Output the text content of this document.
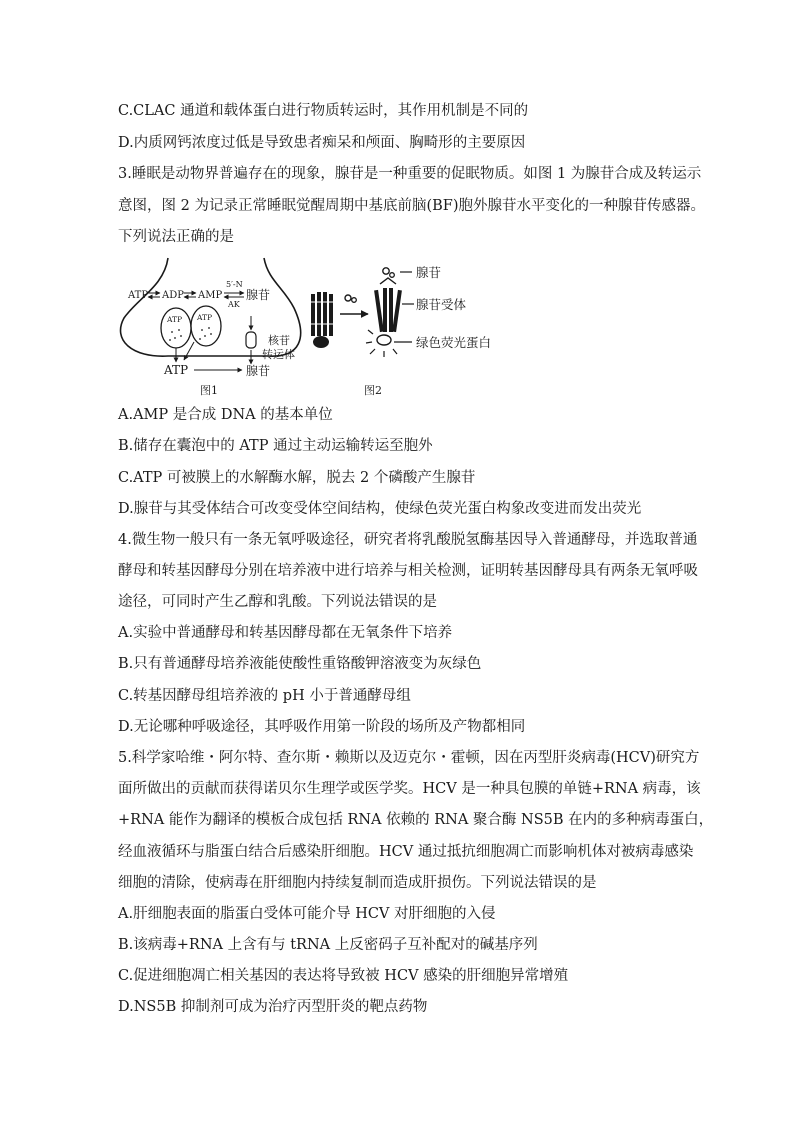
C.CLAC 通道和载体蛋白进行物质转运时，其作用机制是不同的
D.内质网钙浓度过低是导致患者痴呆和颅面、胸畸形的主要原因
3.睡眠是动物界普遍存在的现象，腺苷是一种重要的促眠物质。如图 1 为腺苷合成及转运示
意图，图 2 为记录正常睡眠觉醒周期中基底前脑(BF)胞外腺苷水平变化的一种腺苷传感器。
下列说法正确的是
ATP ADP AMP
5′-N
AK
腺苷
ATP ATP
核苷
转运体
ATP	腺苷
图1
腺苷
腺苷受体
绿色荧光蛋白
图2
A.AMP 是合成 DNA 的基本单位
B.储存在囊泡中的 ATP 通过主动运输转运至胞外
C.ATP 可被膜上的水解酶水解，脱去 2 个磷酸产生腺苷
D.腺苷与其受体结合可改变受体空间结构，使绿色荧光蛋白构象改变进而发出荧光
4.微生物一般只有一条无氧呼吸途径，研究者将乳酸脱氢酶基因导入普通酵母，并选取普通
酵母和转基因酵母分别在培养液中进行培养与相关检测，证明转基因酵母具有两条无氧呼吸
途径，可同时产生乙醇和乳酸。下列说法错误的是
A.实验中普通酵母和转基因酵母都在无氧条件下培养
B.只有普通酵母培养液能使酸性重铬酸钾溶液变为灰绿色
C.转基因酵母组培养液的 pH 小于普通酵母组
D.无论哪种呼吸途径，其呼吸作用第一阶段的场所及产物都相同
5.科学家哈维・阿尔特、查尔斯・赖斯以及迈克尔・霍顿，因在丙型肝炎病毒(HCV)研究方
面所做出的贡献而获得诺贝尔生理学或医学奖。HCV 是一种具包膜的单链+RNA 病毒，该
+RNA 能作为翻译的模板合成包括 RNA 依赖的 RNA 聚合酶 NS5B 在内的多种病毒蛋白，
经血液循环与脂蛋白结合后感染肝细胞。HCV 通过抵抗细胞凋亡而影响机体对被病毒感染
细胞的清除，使病毒在肝细胞内持续复制而造成肝损伤。下列说法错误的是
A.肝细胞表面的脂蛋白受体可能介导 HCV 对肝细胞的入侵
B.该病毒+RNA 上含有与 tRNA 上反密码子互补配对的碱基序列
C.促进细胞凋亡相关基因的表达将导致被 HCV 感染的肝细胞异常增殖
D.NS5B 抑制剂可成为治疗丙型肝炎的靶点药物
